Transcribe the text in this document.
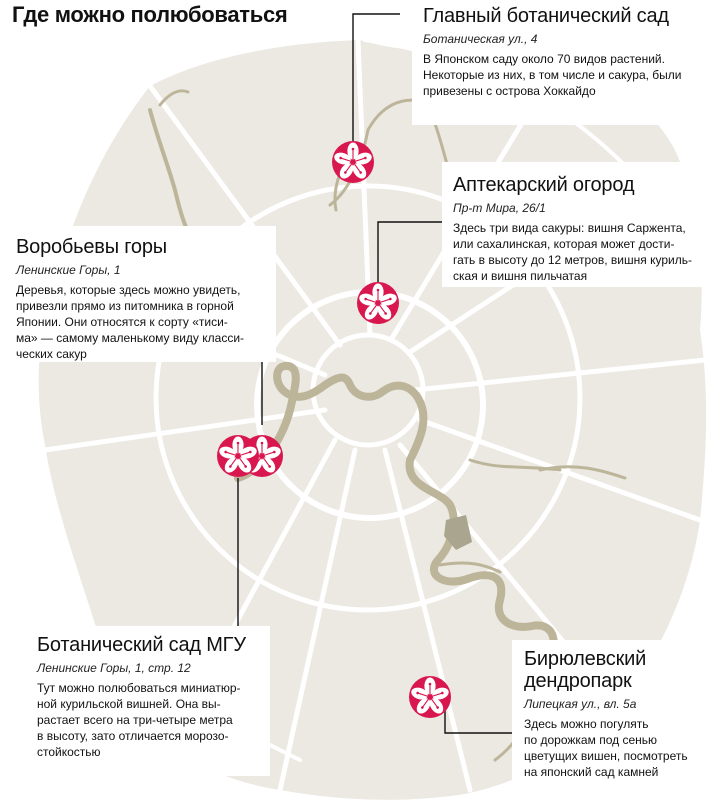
Где можно полюбоваться	Главный ботанический сад
Ботаническая ул., 4
В Японском саду около 70 видов растений.
Некоторые из них, в том числе и сакура, были
привезены с острова Хоккайдо
Аптекарский огород
Пр-т Мира, 26/1
Здесь три вида сакуры: вишня Саржента,
или сахалинская, которая может дости-
гать в высоту до 12 метров, вишня куриль-
ская и вишня пильчатая
Воробьевы горы
Ленинские Горы, 1
Деревья, которые здесь можно увидеть,
привезли прямо из питомника в горной
Японии. Они относятся к сорту «тиси-
ма» — самому маленькому виду класси-
ческих сакур
Ботанический сад МГУ
Ленинские Горы, 1, стр. 12
Тут можно полюбоваться миниатюр-
ной курильской вишней. Она вы-
растает всего на три-четыре метра
в высоту, зато отличается морозо-
стойкостью
Бирюлевский
дендропарк
Липецкая ул., вл. 5а
Здесь можно погулять
по дорожкам под сенью
цветущих вишен, посмотреть
на японский сад камней
